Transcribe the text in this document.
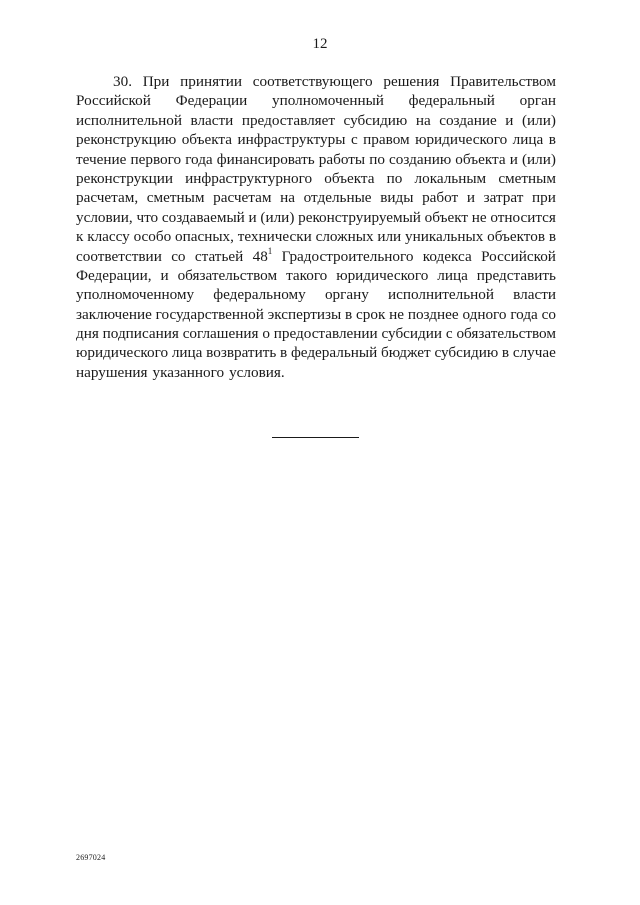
12
30. При принятии соответствующего решения Правительством
Российской Федерации уполномоченный федеральный орган
исполнительной власти предоставляет субсидию на создание и (или)
реконструкцию объекта инфраструктуры с правом юридического лица в
течение первого года финансировать работы по созданию объекта и (или)
реконструкции инфраструктурного объекта по локальным сметным
расчетам, сметным расчетам на отдельные виды работ и затрат при
условии, что создаваемый и (или) реконструируемый объект не относится
к классу особо опасных, технически сложных или уникальных объектов в
соответствии со статьей $48^1$ Градостроительного кодекса Российской
Федерации, и обязательством такого юридического лица представить
уполномоченному федеральному органу исполнительной власти
заключение государственной экспертизы в срок не позднее одного года со
дня подписания соглашения о предоставлении субсидии с обязательством
юридического лица возвратить в федеральный бюджет субсидию в случае
нарушения указанного условия.
2697024
